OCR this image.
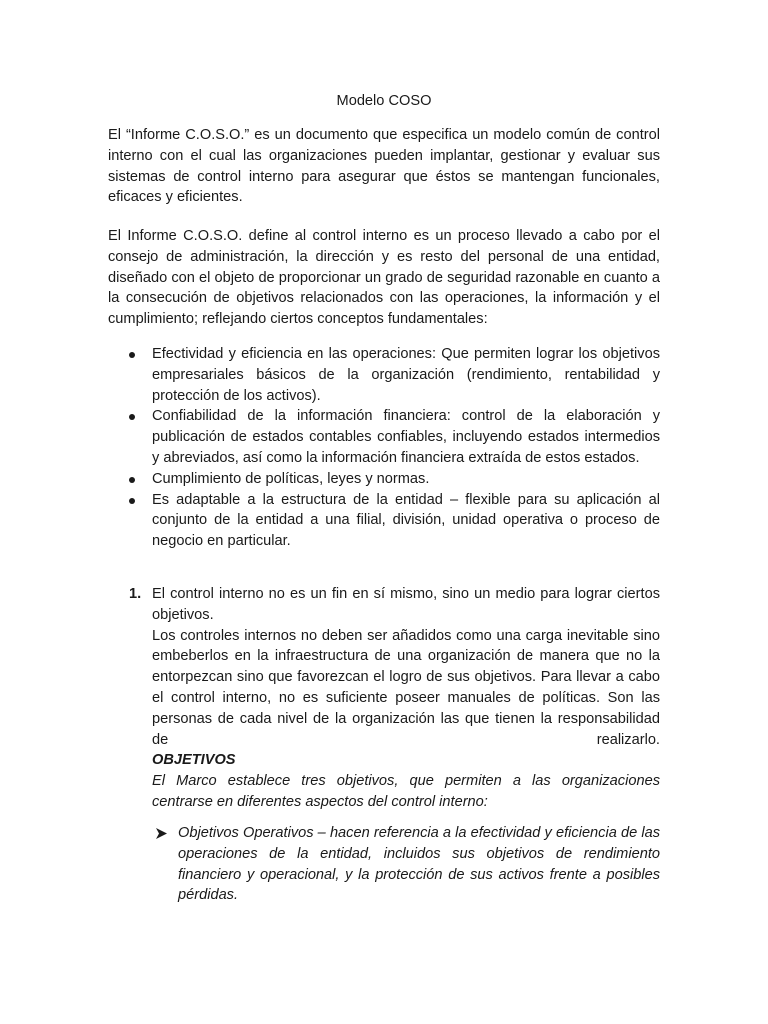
Modelo COSO

El “Informe C.O.S.O.” es un documento que especifica un modelo común de control interno con el cual las organizaciones pueden implantar, gestionar y evaluar sus sistemas de control interno para asegurar que éstos se mantengan funcionales, eficaces y eficientes.

El Informe C.O.S.O. define al control interno es un proceso llevado a cabo por el consejo de administración, la dirección y es resto del personal de una entidad, diseñado con el objeto de proporcionar un grado de seguridad razonable en cuanto a la consecución de objetivos relacionados con las operaciones, la información y el cumplimiento; reflejando ciertos conceptos fundamentales:

Efectividad y eficiencia en las operaciones: Que permiten lograr los objetivos empresariales básicos de la organización (rendimiento, rentabilidad y protección de los activos).
Confiabilidad de la información financiera: control de la elaboración y publicación de estados contables confiables, incluyendo estados intermedios y abreviados, así como la información financiera extraída de estos estados.
Cumplimiento de políticas, leyes y normas.
Es adaptable a la estructura de la entidad – flexible para su aplicación al conjunto de la entidad a una filial, división, unidad operativa o proceso de negocio en particular.
1. El control interno no es un fin en sí mismo, sino un medio para lograr ciertos objetivos.

Los controles internos no deben ser añadidos como una carga inevitable sino embeberlos en la infraestructura de una organización de manera que no la entorpezcan sino que favorezcan el logro de sus objetivos. Para llevar a cabo el control interno, no es suficiente poseer manuales de políticas. Son las personas de cada nivel de la organización las que tienen la responsabilidad de realizarlo.

OBJETIVOS

El Marco establece tres objetivos, que permiten a las organizaciones centrarse en diferentes aspectos del control interno:

Objetivos Operativos – hacen referencia a la efectividad y eficiencia de las operaciones de la entidad, incluidos sus objetivos de rendimiento financiero y operacional, y la protección de sus activos frente a posibles pérdidas.
